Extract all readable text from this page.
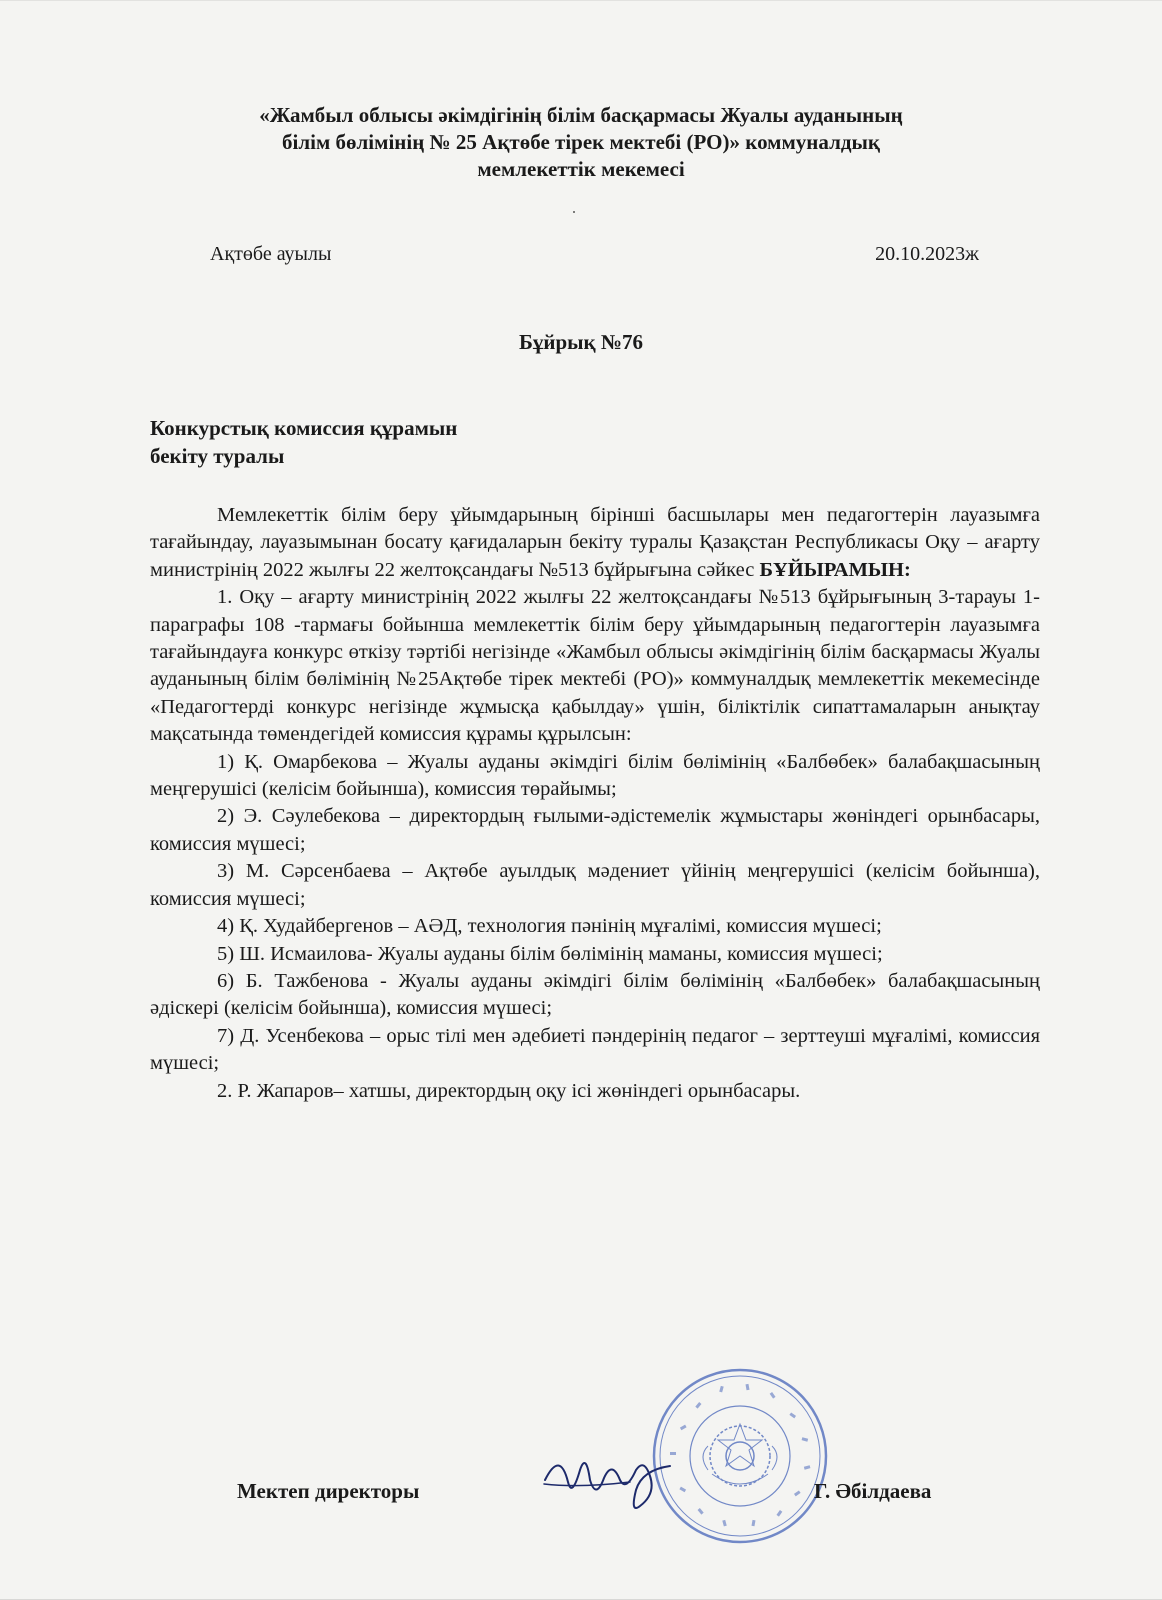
«Жамбыл облысы әкімдігінің білім басқармасы Жуалы ауданының
білім бөлімінің № 25 Ақтөбе тірек мектебі (РО)» коммуналдық
мемлекеттік мекемесі
Ақтөбе ауылы	20.10.2023ж
Бұйрық №76
Конкурстық комиссия құрамын
бекіту туралы

Мемлекеттік білім беру ұйымдарының бірінші басшылары мен педагогтерін лауазымға тағайындау, лауазымынан босату қағидаларын бекіту туралы Қазақстан Республикасы Оқу – ағарту министрінің 2022 жылғы 22 желтоқсандағы №513 бұйрығына сәйкес БҰЙЫРАМЫН:

1. Оқу – ағарту министрінің 2022 жылғы 22 желтоқсандағы №513 бұйрығының 3-тарауы 1-параграфы 108 -тармағы бойынша мемлекеттік білім беру ұйымдарының педагогтерін лауазымға тағайындауға конкурс өткізу тәртібі негізінде «Жамбыл облысы әкімдігінің білім басқармасы Жуалы ауданының білім бөлімінің №25Ақтөбе тірек мектебі (РО)» коммуналдық мемлекеттік мекемесінде «Педагогтерді конкурс негізінде жұмысқа қабылдау» үшін, біліктілік сипаттамаларын анықтау мақсатында төмендегідей комиссия құрамы құрылсын:

1) Қ. Омарбекова – Жуалы ауданы әкімдігі білім бөлімінің «Балбөбек» балабақшасының меңгерушісі (келісім бойынша), комиссия төрайымы;

2) Э. Сәулебекова – директордың ғылыми-әдістемелік жұмыстары жөніндегі орынбасары, комиссия мүшесі;

3) М. Сәрсенбаева – Ақтөбе ауылдық мәдениет үйінің меңгерушісі (келісім бойынша), комиссия мүшесі;

4) Қ. Худайбергенов – АӘД, технология пәнінің мұғалімі, комиссия мүшесі;

5) Ш. Исмаилова- Жуалы ауданы білім бөлімінің маманы, комиссия мүшесі;

6) Б. Тажбенова - Жуалы ауданы әкімдігі білім бөлімінің «Балбөбек» балабақшасының әдіскері (келісім бойынша), комиссия мүшесі;

7) Д. Усенбекова – орыс тілі мен әдебиеті пәндерінің педагог – зерттеуші мұғалімі, комиссия мүшесі;

2. Р. Жапаров– хатшы, директордың оқу ісі жөніндегі орынбасары.

Мектеп директоры	Г. Әбілдаева
